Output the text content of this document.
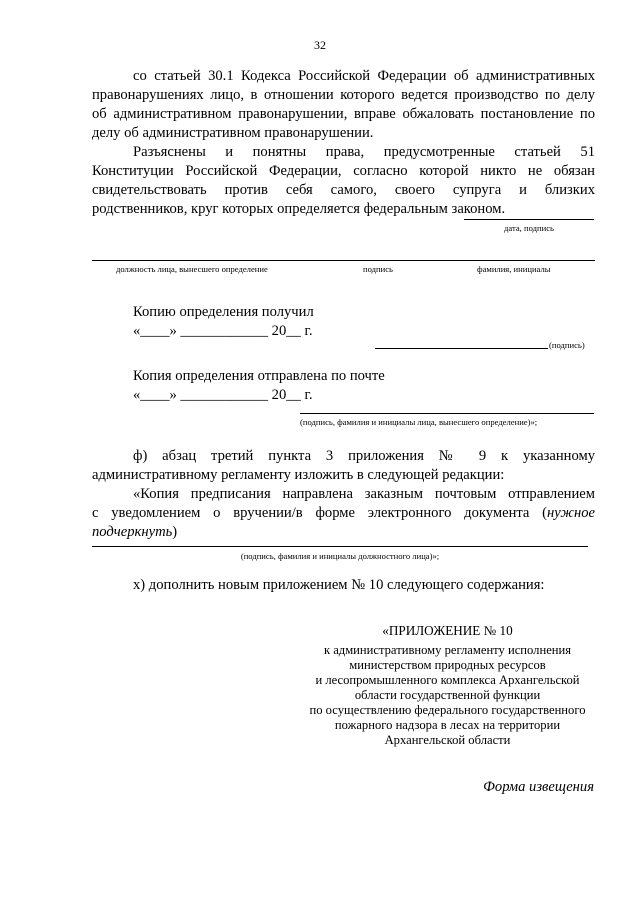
32
со статьей 30.1 Кодекса Российской Федерации об административных
правонарушениях лицо, в отношении которого ведется производство по делу
об административном правонарушении, вправе обжаловать постановление по
делу об административном правонарушении.
Разъяснены и понятны права, предусмотренные статьей 51
Конституции Российской Федерации, согласно которой никто не обязан
свидетельствовать против себя самого, своего супруга и близких
родственников, круг которых определяется федеральным законом.
дата, подпись
должность лица, вынесшего определение	подпись	фамилия, инициалы
Копию определения получил
«____» ____________ 20__ г.
(подпись)
Копия определения отправлена по почте
«____» ____________ 20__ г.
(подпись, фамилия и инициалы лица, вынесшего определение)»;
ф) абзац третий пункта 3 приложения № 9 к указанному
административному регламенту изложить в следующей редакции:
«Копия предписания направлена заказным почтовым отправлением
с уведомлением о вручении/в форме электронного документа ( нужное
подчеркнуть)
(подпись, фамилия и инициалы должностного лица)»;
х) дополнить новым приложением № 10 следующего содержания:
«ПРИЛОЖЕНИЕ № 10
к административному регламенту исполнения
министерством природных ресурсов
и лесопромышленного комплекса Архангельской
области государственной функции
по осуществлению федерального государственного
пожарного надзора в лесах на территории
Архангельской области
Форма извещения
